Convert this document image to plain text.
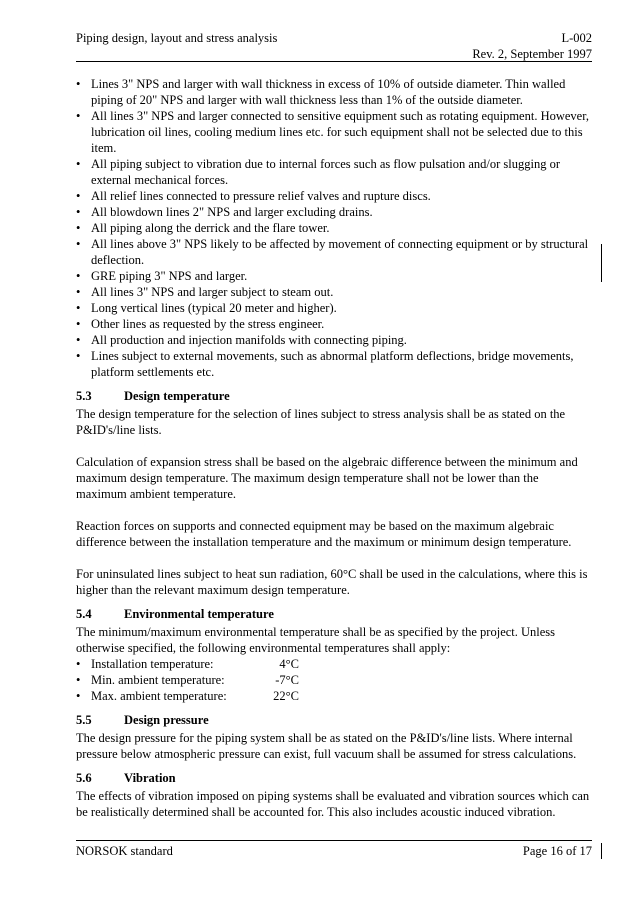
Piping design, layout and stress analysis	L-002
Rev. 2, September 1997
• Lines 3" NPS and larger with wall thickness in excess of 10% of outside diameter. Thin walled piping of 20" NPS and larger with wall thickness less than 1% of the outside diameter.
• All lines 3" NPS and larger connected to sensitive equipment such as rotating equipment. However, lubrication oil lines, cooling medium lines etc. for such equipment shall not be selected due to this item.
• All piping subject to vibration due to internal forces such as flow pulsation and/or slugging or external mechanical forces.
• All relief lines connected to pressure relief valves and rupture discs.
• All blowdown lines 2" NPS and larger excluding drains.
• All piping along the derrick and the flare tower.
• All lines above 3" NPS likely to be affected by movement of connecting equipment or by structural deflection.
• GRE piping 3" NPS and larger.
• All lines 3" NPS and larger subject to steam out.
• Long vertical lines (typical 20 meter and higher).
• Other lines as requested by the stress engineer.
• All production and injection manifolds with connecting piping.
• Lines subject to external movements, such as abnormal platform deflections, bridge movements, platform settlements etc.
5.3	Design temperature

The design temperature for the selection of lines subject to stress analysis shall be as stated on the P&ID's/line lists.

Calculation of expansion stress shall be based on the algebraic difference between the minimum and maximum design temperature. The maximum design temperature shall not be lower than the maximum ambient temperature.

Reaction forces on supports and connected equipment may be based on the maximum algebraic difference between the installation temperature and the maximum or minimum design temperature.

For uninsulated lines subject to heat sun radiation, 60°C shall be used in the calculations, where this is higher than the relevant maximum design temperature.

5.4	Environmental temperature

The minimum/maximum environmental temperature shall be as specified by the project. Unless otherwise specified, the following environmental temperatures shall apply:

• Installation temperature:	4°C
• Min. ambient temperature:	-7°C
• Max. ambient temperature:	22°C
5.5	Design pressure

The design pressure for the piping system shall be as stated on the P&ID's/line lists. Where internal pressure below atmospheric pressure can exist, full vacuum shall be assumed for stress calculations.

5.6	Vibration

The effects of vibration imposed on piping systems shall be evaluated and vibration sources which can be realistically determined shall be accounted for. This also includes acoustic induced vibration.

NORSOK standard	Page 16 of 17
